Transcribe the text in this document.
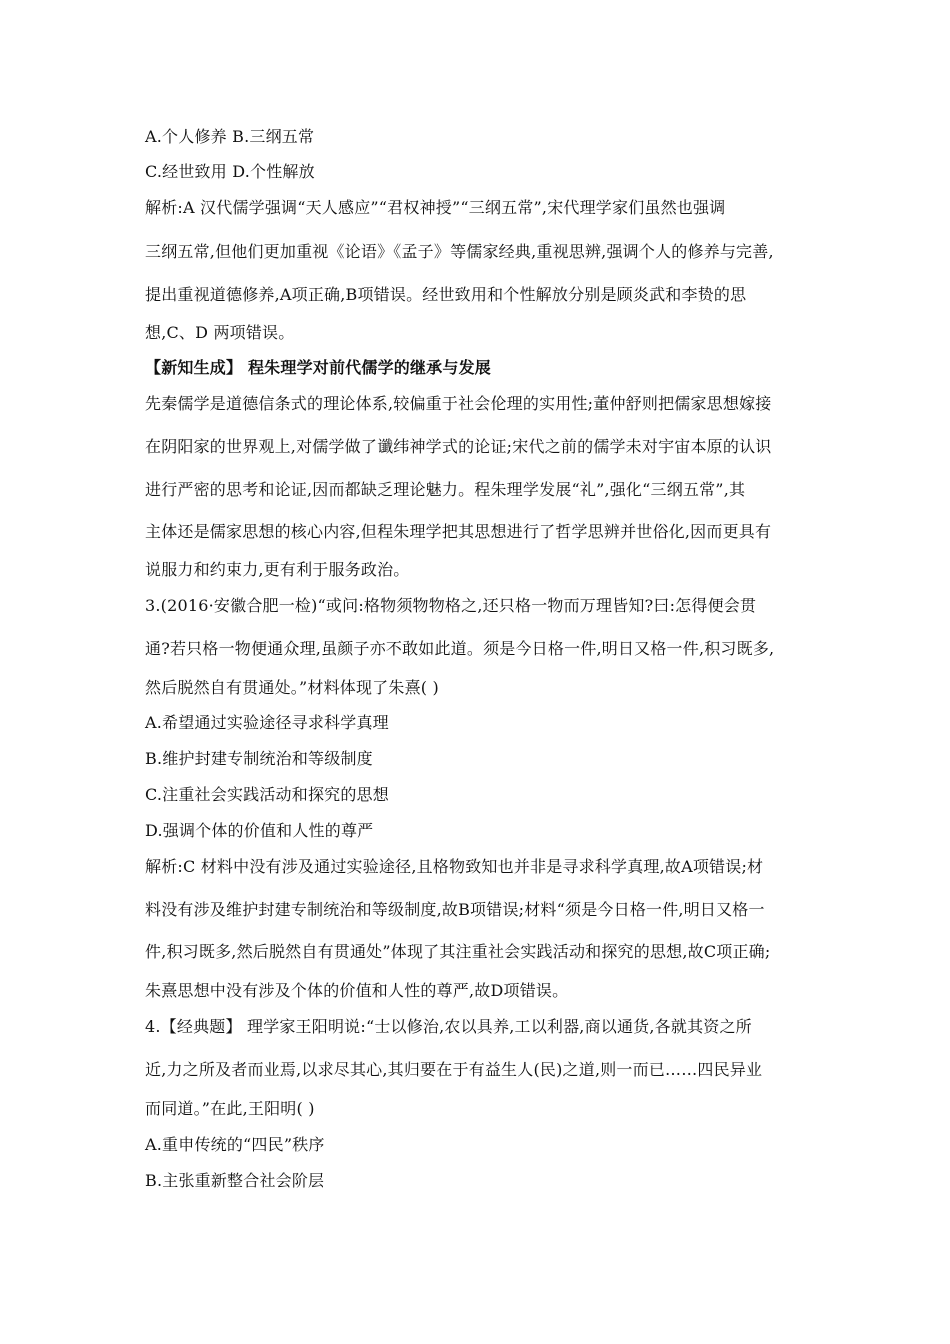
A.个人修养 B.三纲五常
C.经世致用 D.个性解放
解析:A 汉代儒学强调“天人感应”“君权神授”“三纲五常”,宋代理学家们虽然也强调
三纲五常,但他们更加重视《论语》《孟子》等儒家经典,重视思辨,强调个人的修养与完善,
提出重视道德修养,A项正确,B项错误。经世致用和个性解放分别是顾炎武和李贽的思
想,C、D 两项错误。
【新知生成】 程朱理学对前代儒学的继承与发展
先秦儒学是道德信条式的理论体系,较偏重于社会伦理的实用性;董仲舒则把儒家思想嫁接
在阴阳家的世界观上,对儒学做了谶纬神学式的论证;宋代之前的儒学未对宇宙本原的认识
进行严密的思考和论证,因而都缺乏理论魅力。程朱理学发展“礼”,强化“三纲五常”,其
主体还是儒家思想的核心内容,但程朱理学把其思想进行了哲学思辨并世俗化,因而更具有
说服力和约束力,更有利于服务政治。
3.(2016·安徽合肥一检)“或问:格物须物物格之,还只格一物而万理皆知?曰:怎得便会贯
通?若只格一物便通众理,虽颜子亦不敢如此道。须是今日格一件,明日又格一件,积习既多,
然后脱然自有贯通处。”材料体现了朱熹( )
A.希望通过实验途径寻求科学真理
B.维护封建专制统治和等级制度
C.注重社会实践活动和探究的思想
D.强调个体的价值和人性的尊严
解析:C 材料中没有涉及通过实验途径,且格物致知也并非是寻求科学真理,故A项错误;材
料没有涉及维护封建专制统治和等级制度,故B项错误;材料“须是今日格一件,明日又格一
件,积习既多,然后脱然自有贯通处”体现了其注重社会实践活动和探究的思想,故C项正确;
朱熹思想中没有涉及个体的价值和人性的尊严,故D项错误。
4.【经典题】 理学家王阳明说:“士以修治,农以具养,工以利器,商以通货,各就其资之所
近,力之所及者而业焉,以求尽其心,其归要在于有益生人(民)之道,则一而已……四民异业
而同道。”在此,王阳明( )
A.重申传统的“四民”秩序
B.主张重新整合社会阶层
